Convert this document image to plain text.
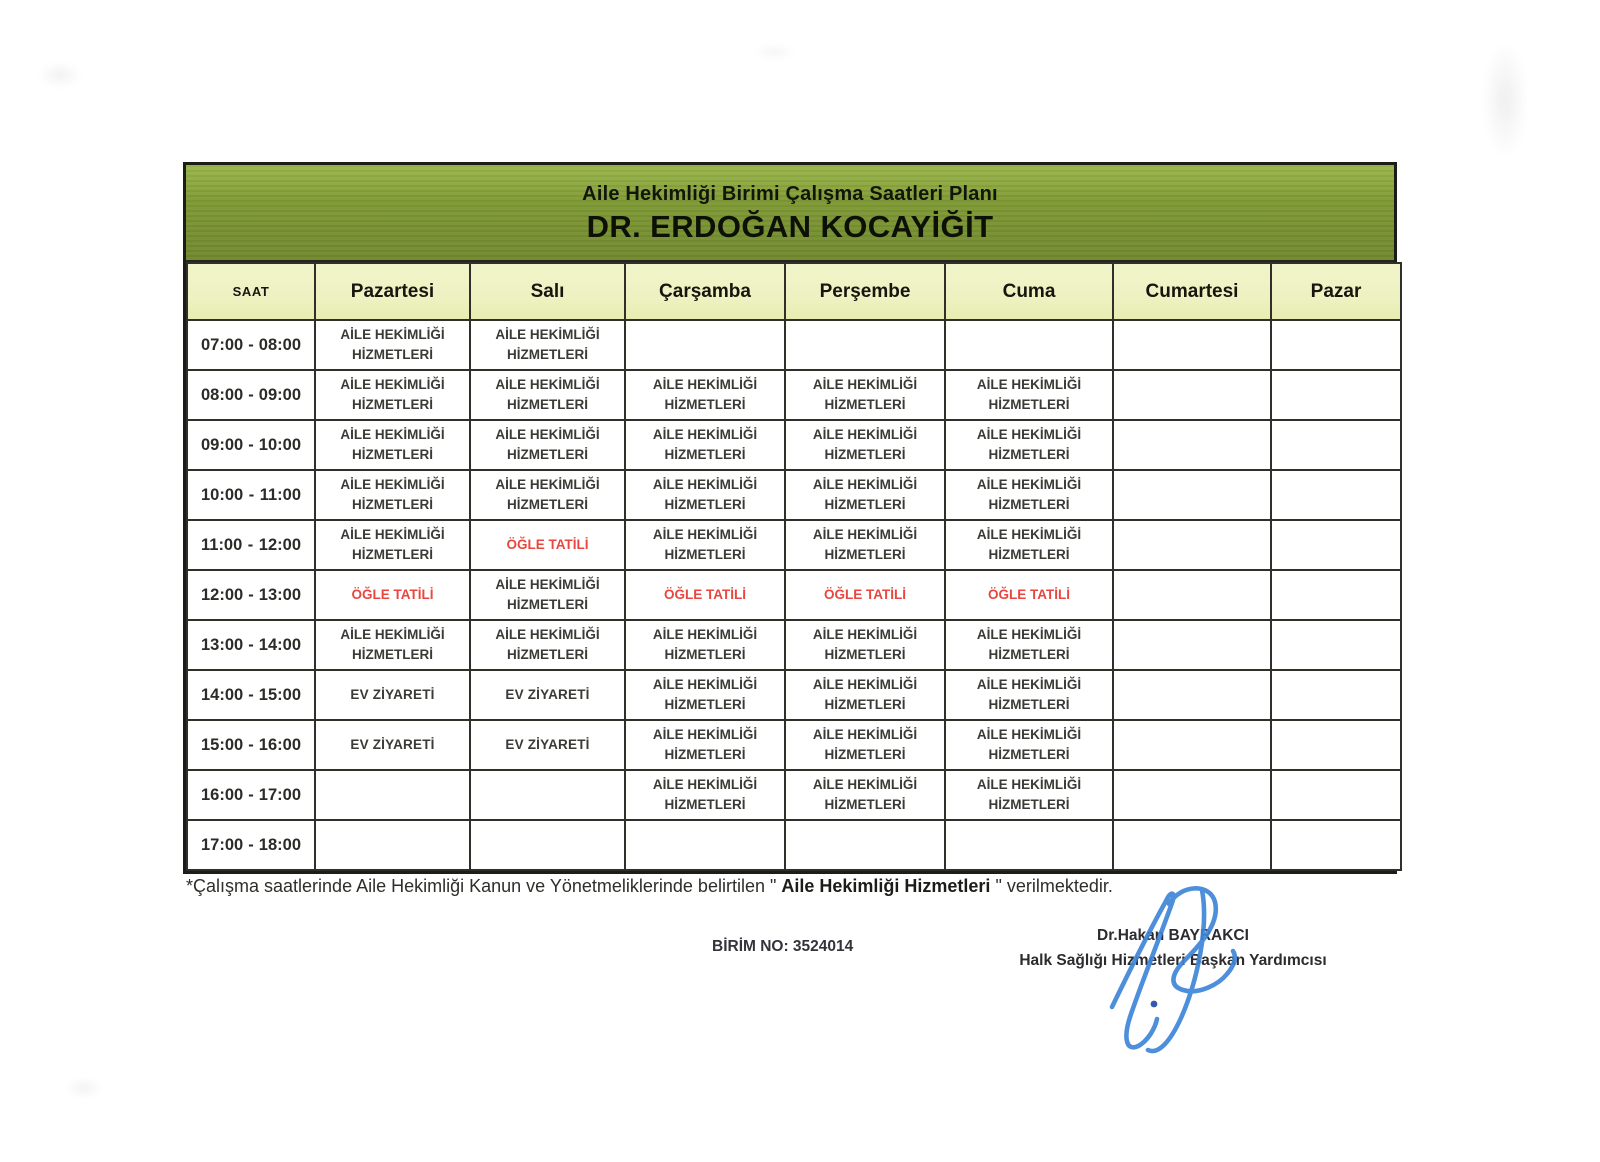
Aile Hekimliği Birimi Çalışma Saatleri Planı
DR. ERDOĞAN KOCAYİĞİT
SAAT	Pazartesi	Salı	Çarşamba	Perşembe	Cuma	Cumartesi	Pazar

07:00 - 08:00	AİLE HEKİMLİĞİ HİZMETLERİ	AİLE HEKİMLİĞİ HİZMETLERİ					

08:00 - 09:00	AİLE HEKİMLİĞİ HİZMETLERİ	AİLE HEKİMLİĞİ HİZMETLERİ	AİLE HEKİMLİĞİ HİZMETLERİ	AİLE HEKİMLİĞİ HİZMETLERİ	AİLE HEKİMLİĞİ HİZMETLERİ		

09:00 - 10:00	AİLE HEKİMLİĞİ HİZMETLERİ	AİLE HEKİMLİĞİ HİZMETLERİ	AİLE HEKİMLİĞİ HİZMETLERİ	AİLE HEKİMLİĞİ HİZMETLERİ	AİLE HEKİMLİĞİ HİZMETLERİ		

10:00 - 11:00	AİLE HEKİMLİĞİ HİZMETLERİ	AİLE HEKİMLİĞİ HİZMETLERİ	AİLE HEKİMLİĞİ HİZMETLERİ	AİLE HEKİMLİĞİ HİZMETLERİ	AİLE HEKİMLİĞİ HİZMETLERİ		

11:00 - 12:00	AİLE HEKİMLİĞİ HİZMETLERİ	ÖĞLE TATİLİ	AİLE HEKİMLİĞİ HİZMETLERİ	AİLE HEKİMLİĞİ HİZMETLERİ	AİLE HEKİMLİĞİ HİZMETLERİ		

12:00 - 13:00	ÖĞLE TATİLİ	AİLE HEKİMLİĞİ HİZMETLERİ	ÖĞLE TATİLİ	ÖĞLE TATİLİ	ÖĞLE TATİLİ		

13:00 - 14:00	AİLE HEKİMLİĞİ HİZMETLERİ	AİLE HEKİMLİĞİ HİZMETLERİ	AİLE HEKİMLİĞİ HİZMETLERİ	AİLE HEKİMLİĞİ HİZMETLERİ	AİLE HEKİMLİĞİ HİZMETLERİ		

14:00 - 15:00	EV ZİYARETİ	EV ZİYARETİ	AİLE HEKİMLİĞİ HİZMETLERİ	AİLE HEKİMLİĞİ HİZMETLERİ	AİLE HEKİMLİĞİ HİZMETLERİ		

15:00 - 16:00	EV ZİYARETİ	EV ZİYARETİ	AİLE HEKİMLİĞİ HİZMETLERİ	AİLE HEKİMLİĞİ HİZMETLERİ	AİLE HEKİMLİĞİ HİZMETLERİ		

16:00 - 17:00			AİLE HEKİMLİĞİ HİZMETLERİ	AİLE HEKİMLİĞİ HİZMETLERİ	AİLE HEKİMLİĞİ HİZMETLERİ		

17:00 - 18:00							

*Çalışma saatlerinde Aile Hekimliği Kanun ve Yönetmeliklerinde belirtilen " Aile Hekimliği Hizmetleri " verilmektedir.
BİRİM NO: 3524014
Dr.Hakan BAYRAKCI
Halk Sağlığı Hizmetleri Başkan Yardımcısı
